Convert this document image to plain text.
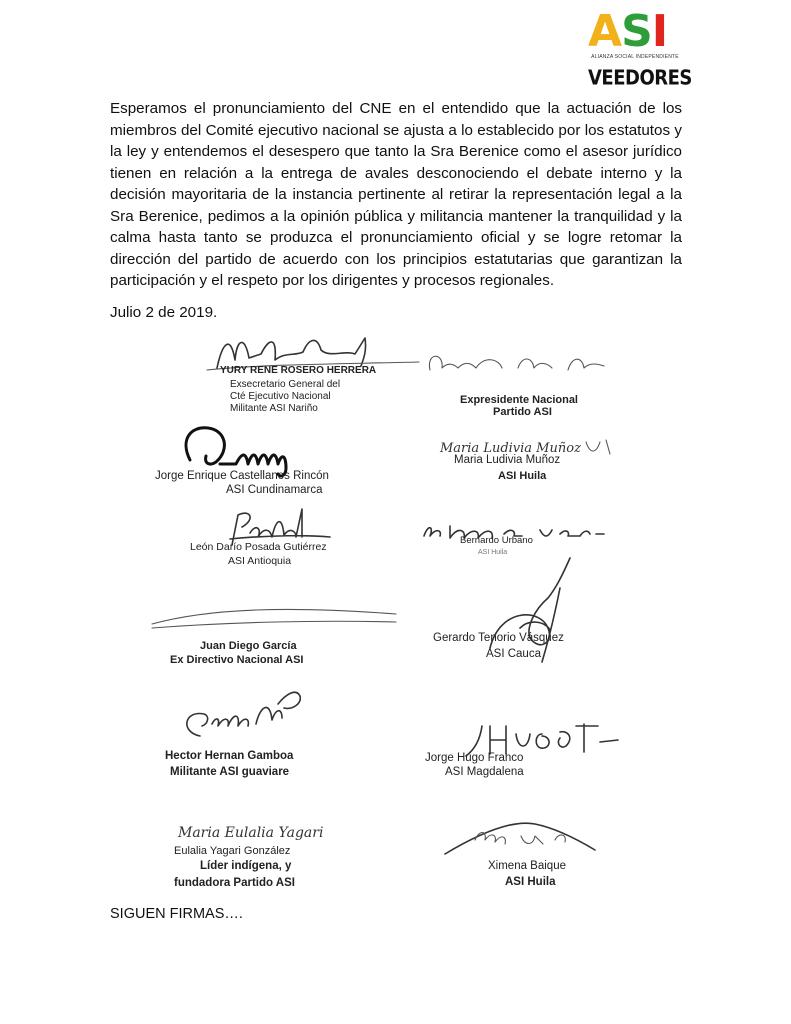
ASI
ALIANZA SOCIAL INDEPENDIENTE
VEEDORES

Esperamos el pronunciamiento del CNE en el entendido que la actuación de los miembros del Comité ejecutivo nacional se ajusta a lo establecido por los estatutos y la ley y entendemos el desespero que tanto la Sra Berenice como el asesor jurídico tienen en relación a la entrega de avales desconociendo el debate interno y la decisión mayoritaria de la instancia pertinente al retirar la representación legal a la Sra Berenice, pedimos a la opinión pública y militancia mantener la tranquilidad y la calma hasta tanto se produzca el pronunciamiento oficial y se logre retomar la dirección del partido de acuerdo con los principios estatutarias que garantizan la participación y el respeto por los dirigentes y procesos regionales.

Julio 2 de 2019.

YURY RENE ROSERO HERRERA
Exsecretario General del
Cté Ejecutivo Nacional
Militante ASI Nariño
Expresidente Nacional
Partido ASI
Jorge Enrique Castellanos Rincón
ASI Cundinamarca
Maria Ludivia Muñoz
Maria Ludivia Muñoz
ASI Huila
León Darío Posada Gutiérrez
ASI Antioquia
Bernardo Urbano
ASI Huila
Juan Diego García
Ex Directivo Nacional ASI
Gerardo Tenorio Vásquez
ASI Cauca
Hector Hernan Gamboa
Militante ASI guaviare
Jorge Hugo Franco
ASI Magdalena
Maria Eulalia Yagari
Eulalia Yagari González
Líder indígena, y
fundadora Partido ASI
Ximena Baique
ASI Huila

SIGUEN FIRMAS….
